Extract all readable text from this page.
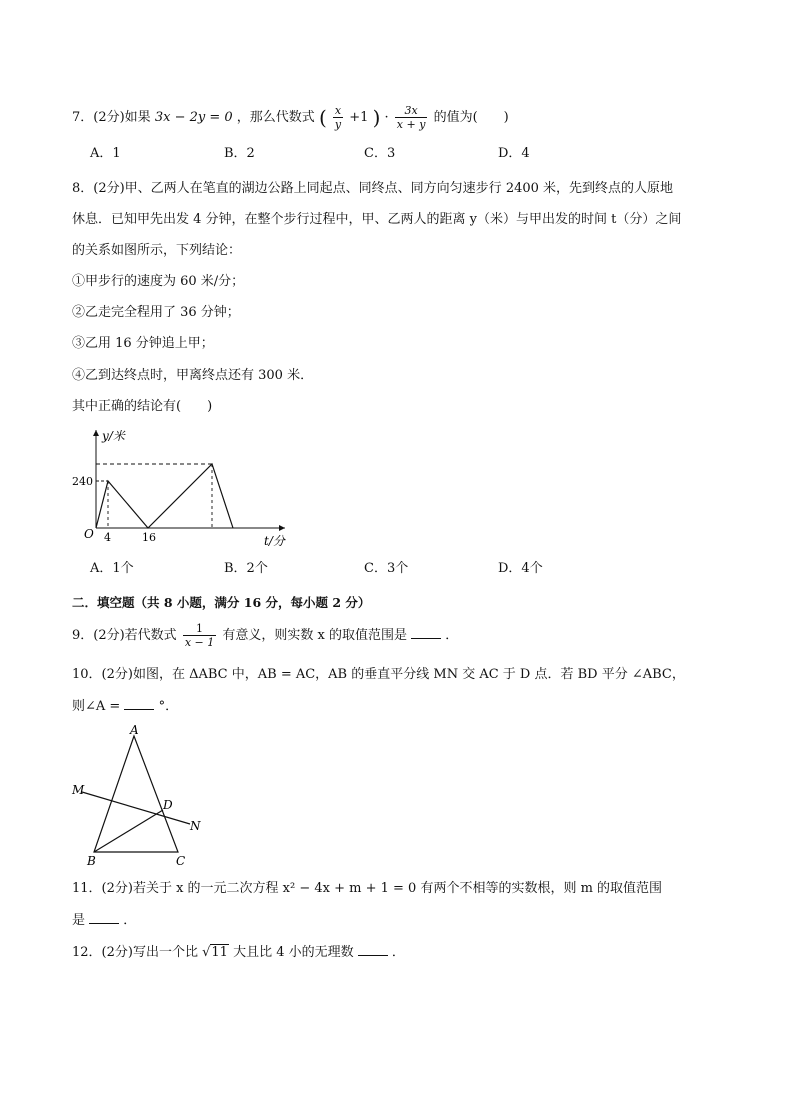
7．(2分)如果 3x − 2y = 0 ，那么代数式 ( $\frac{x}{y} +1$ ) · $\frac{3x}{x + y}$ 的值为(　　)
A．1	B．2	C．3	D．4
8．(2分)甲、乙两人在笔直的湖边公路上同起点、同终点、同方向匀速步行 2400 米，先到终点的人原地
休息．已知甲先出发 4 分钟，在整个步行过程中，甲、乙两人的距离 y（米）与甲出发的时间 t（分）之间
的关系如图所示，下列结论：
①甲步行的速度为 60 米/分；
②乙走完全程用了 36 分钟；
③乙用 16 分钟追上甲；
④乙到达终点时，甲离终点还有 300 米．
其中正确的结论有(　　)
y/米
t/分
O
240
4	16
A．1个	B．2个	C．3个	D．4个
二．填空题（共 8 小题，满分 16 分，每小题 2 分）
9．(2分)若代数式 $\frac{1}{x - 1}$ 有意义，则实数 x 的取值范围是	．
10．(2分)如图，在 ΔABC 中，AB = AC，AB 的垂直平分线 MN 交 AC 于 D 点．若 BD 平分 ∠ABC，
则∠A =	°．
A
B	C
D
M
N
11．(2分)若关于 x 的一元二次方程 x² − 4x + m + 1 = 0 有两个不相等的实数根，则 m 的取值范围
是	．
12．(2分)写出一个比 √11 大且比 4 小的无理数	．
